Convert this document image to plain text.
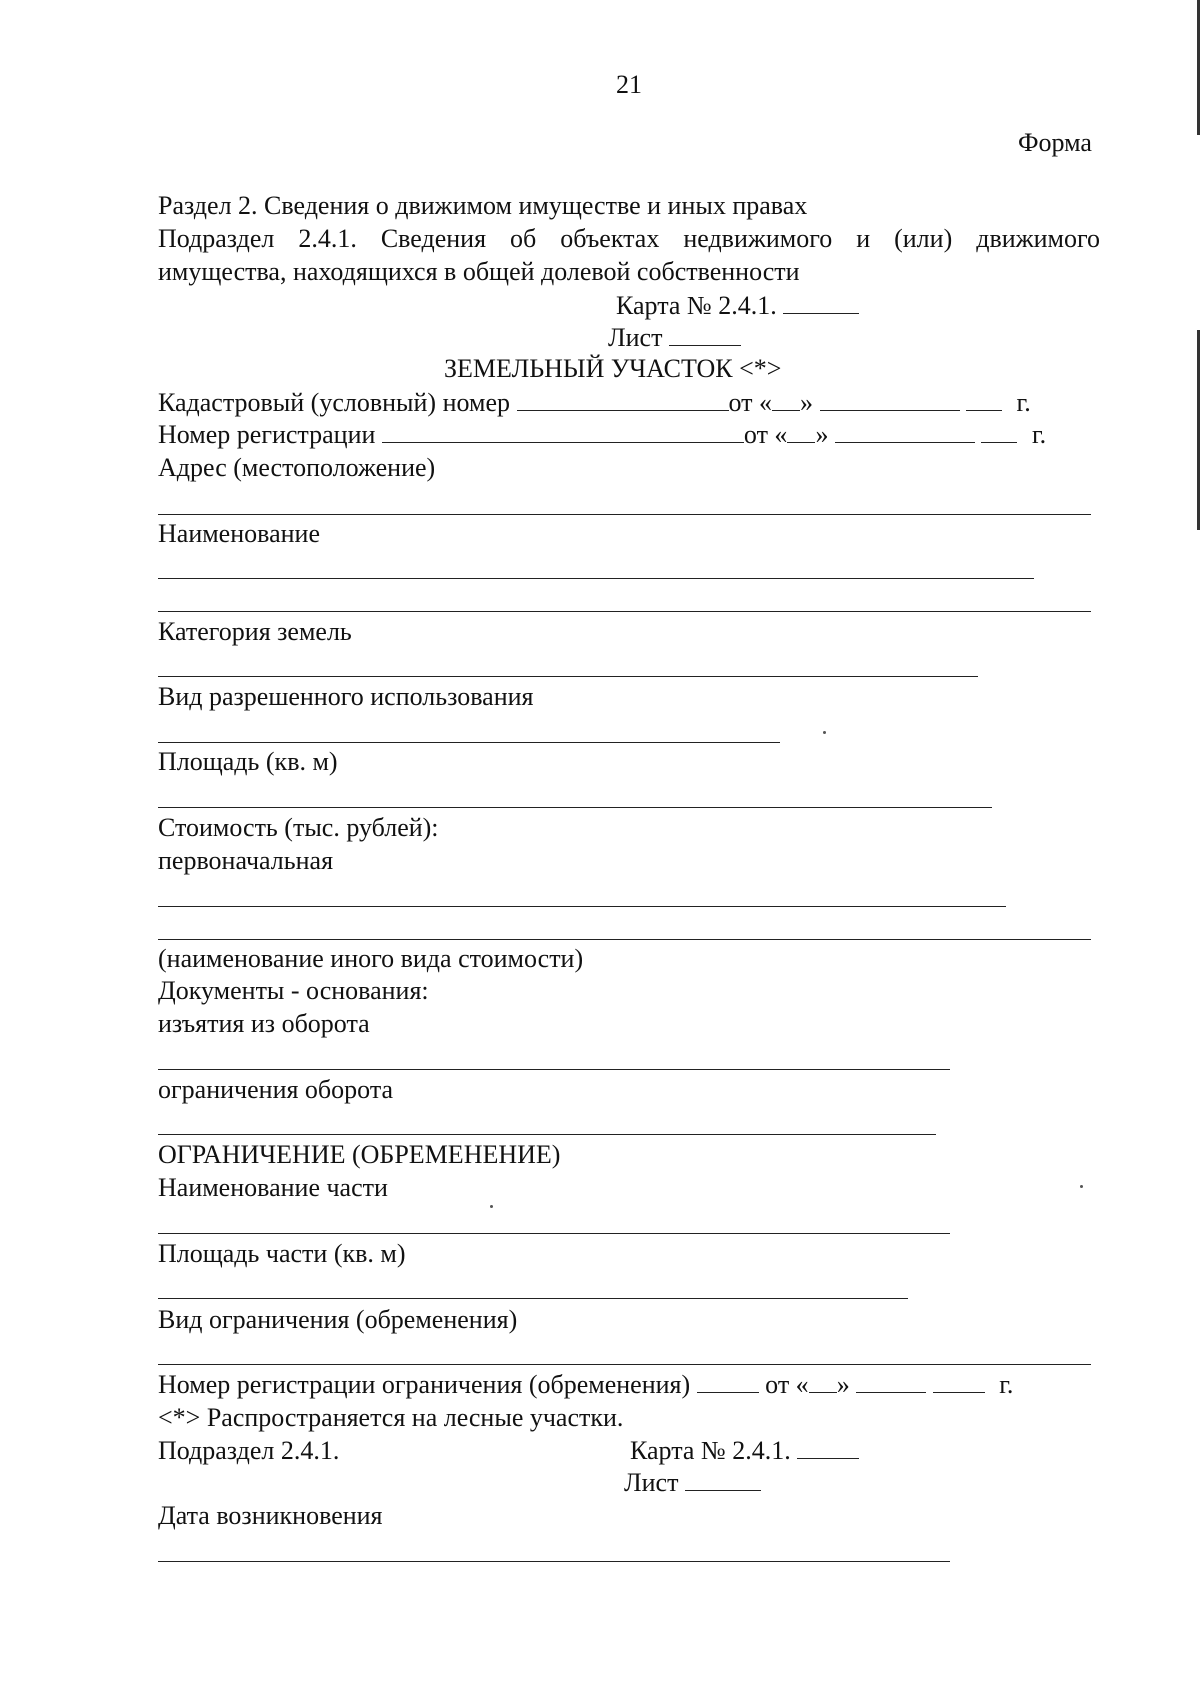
21
Форма
Раздел 2. Сведения о движимом имуществе и иных правах
Подраздел 2.4.1. Сведения об объектах недвижимого и (или) движимого
имущества, находящихся в общей долевой собственности
Карта № 2.4.1.
Лист
ЗЕМЕЛЬНЫЙ УЧАСТОК <*>
Кадастровый (условный) номер	от « »	г.
Номер регистрации	от « »	г.
Адрес (местоположение)
Наименование
Категория земель
Вид разрешенного использования
Площадь (кв. м)
Стоимость (тыс. рублей):
первоначальная
(наименование иного вида стоимости)
Документы - основания:
изъятия из оборота
ограничения оборота
ОГРАНИЧЕНИЕ (ОБРЕМЕНЕНИЕ)
Наименование части
Площадь части (кв. м)
Вид ограничения (обременения)
Номер регистрации ограничения (обременения)	от « »	г.
<*> Распространяется на лесные участки.
Подраздел 2.4.1.	Карта № 2.4.1.
Лист
Дата возникновения
